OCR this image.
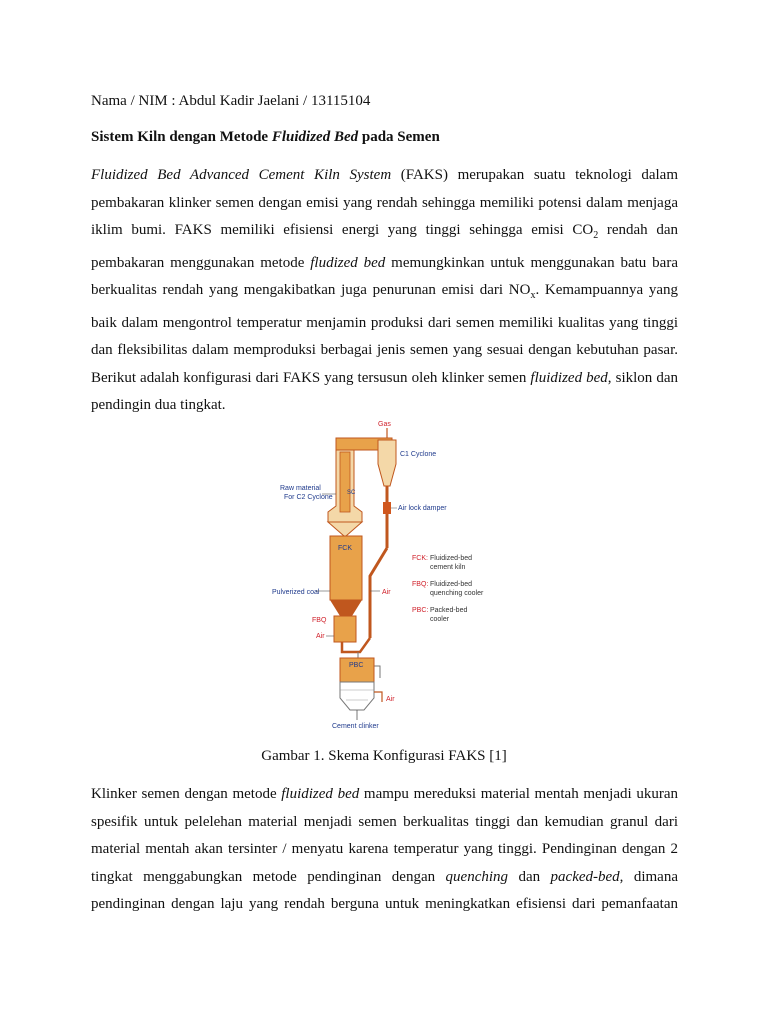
Nama / NIM : Abdul Kadir Jaelani / 13115104

Sistem Kiln dengan Metode Fluidized Bed pada Semen

Fluidized Bed Advanced Cement Kiln System (FAKS) merupakan suatu teknologi dalam
pembakaran klinker semen dengan emisi yang rendah sehingga memiliki potensi dalam menjaga
iklim bumi. FAKS memiliki efisiensi energi yang tinggi sehingga emisi $CO_2$ rendah dan
pembakaran menggunakan metode fludized bed memungkinkan untuk menggunakan batu bara
berkualitas rendah yang mengakibatkan juga penurunan emisi dari $NO_x$. Kemampuannya yang
baik dalam mengontrol temperatur menjamin produksi dari semen memiliki kualitas yang tinggi
dan fleksibilitas dalam memproduksi berbagai jenis semen yang sesuai dengan kebutuhan pasar.
Berikut adalah konfigurasi dari FAKS yang tersusun oleh klinker semen fluidized bed, siklon dan
pendingin dua tingkat.
Gas
SC
C1 Cyclone
Air lock damper
Raw material
For C2 Cyclone
FCK
Pulverized coal	Air
FBQ
Air
PBC
Air
Cement clinker
FCK: Fluidized-bed
cement kiln
FBQ: Fluidized-bed
quenching cooler
PBC: Packed-bed
cooler
Gambar 1. Skema Konfigurasi FAKS [1]
Klinker semen dengan metode fluidized bed mampu mereduksi material mentah menjadi ukuran
spesifik untuk pelelehan material menjadi semen berkualitas tinggi dan kemudian granul dari
material mentah akan tersinter / menyatu karena temperatur yang tinggi. Pendinginan dengan 2
tingkat menggabungkan metode pendinginan dengan quenching dan packed-bed, dimana
pendinginan dengan laju yang rendah berguna untuk meningkatkan efisiensi dari pemanfaatan
